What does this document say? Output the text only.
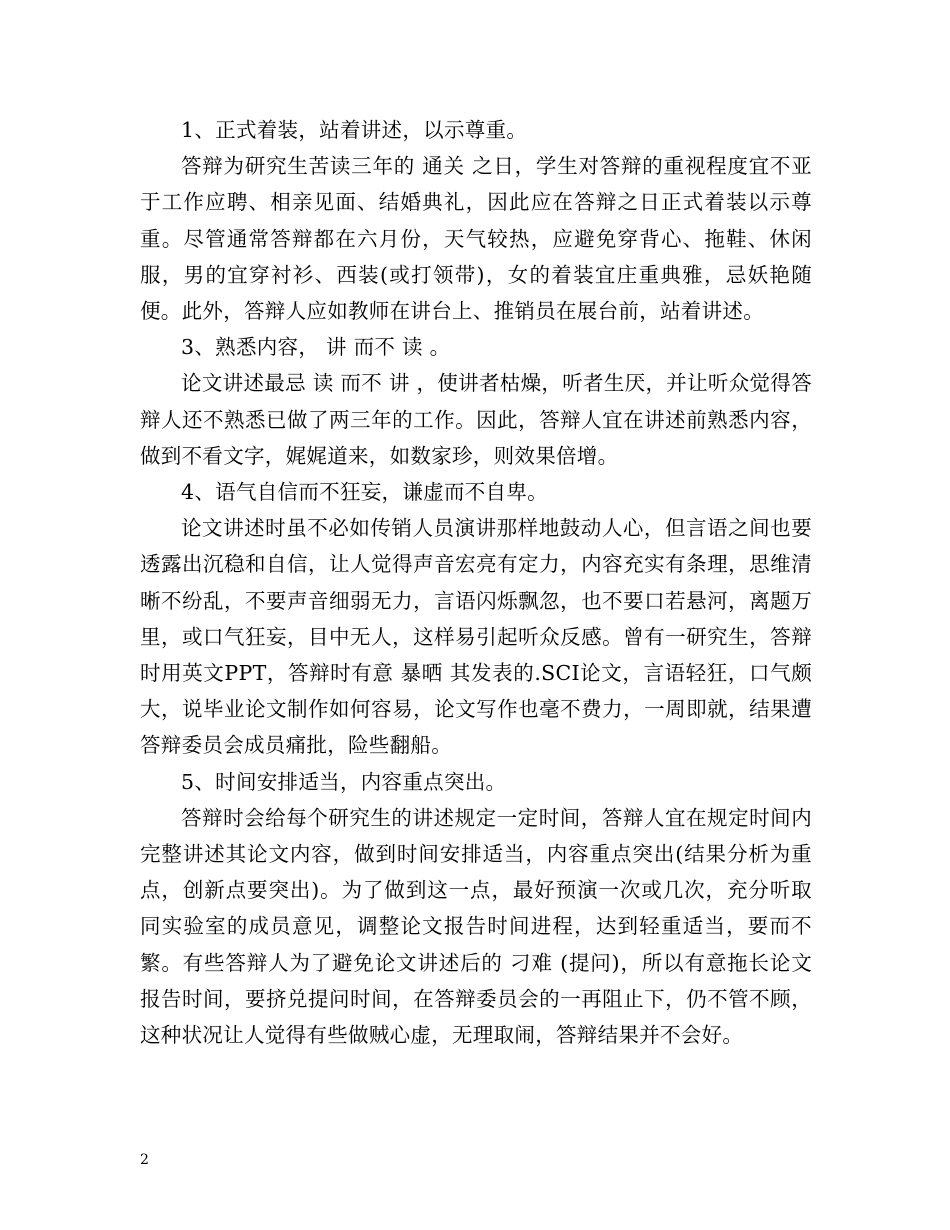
1、正式着装，站着讲述，以示尊重。

答辩为研究生苦读三年的 通关 之日，学生对答辩的重视程度宜不亚于工作应聘、相亲见面、结婚典礼，因此应在答辩之日正式着装以示尊重。尽管通常答辩都在六月份，天气较热，应避免穿背心、拖鞋、休闲服，男的宜穿衬衫、西装(或打领带)，女的着装宜庄重典雅，忌妖艳随便。此外，答辩人应如教师在讲台上、推销员在展台前，站着讲述。

3、熟悉内容， 讲 而不 读 。

论文讲述最忌 读 而不 讲 ，使讲者枯燥，听者生厌，并让听众觉得答辩人还不熟悉已做了两三年的工作。因此，答辩人宜在讲述前熟悉内容，做到不看文字，娓娓道来，如数家珍，则效果倍增。

4、语气自信而不狂妄，谦虚而不自卑。

论文讲述时虽不必如传销人员演讲那样地鼓动人心，但言语之间也要透露出沉稳和自信，让人觉得声音宏亮有定力，内容充实有条理，思维清晰不纷乱，不要声音细弱无力，言语闪烁飘忽，也不要口若悬河，离题万里，或口气狂妄，目中无人，这样易引起听众反感。曾有一研究生，答辩时用英文PPT，答辩时有意 暴晒 其发表的.SCI论文，言语轻狂，口气颇大，说毕业论文制作如何容易，论文写作也毫不费力，一周即就，结果遭答辩委员会成员痛批，险些翻船。

5、时间安排适当，内容重点突出。

答辩时会给每个研究生的讲述规定一定时间，答辩人宜在规定时间内完整讲述其论文内容，做到时间安排适当，内容重点突出(结果分析为重点，创新点要突出)。为了做到这一点，最好预演一次或几次，充分听取同实验室的成员意见，调整论文报告时间进程，达到轻重适当，要而不繁。有些答辩人为了避免论文讲述后的 刁难 (提问)，所以有意拖长论文报告时间，要挤兑提问时间，在答辩委员会的一再阻止下，仍不管不顾，这种状况让人觉得有些做贼心虚，无理取闹，答辩结果并不会好。

2
